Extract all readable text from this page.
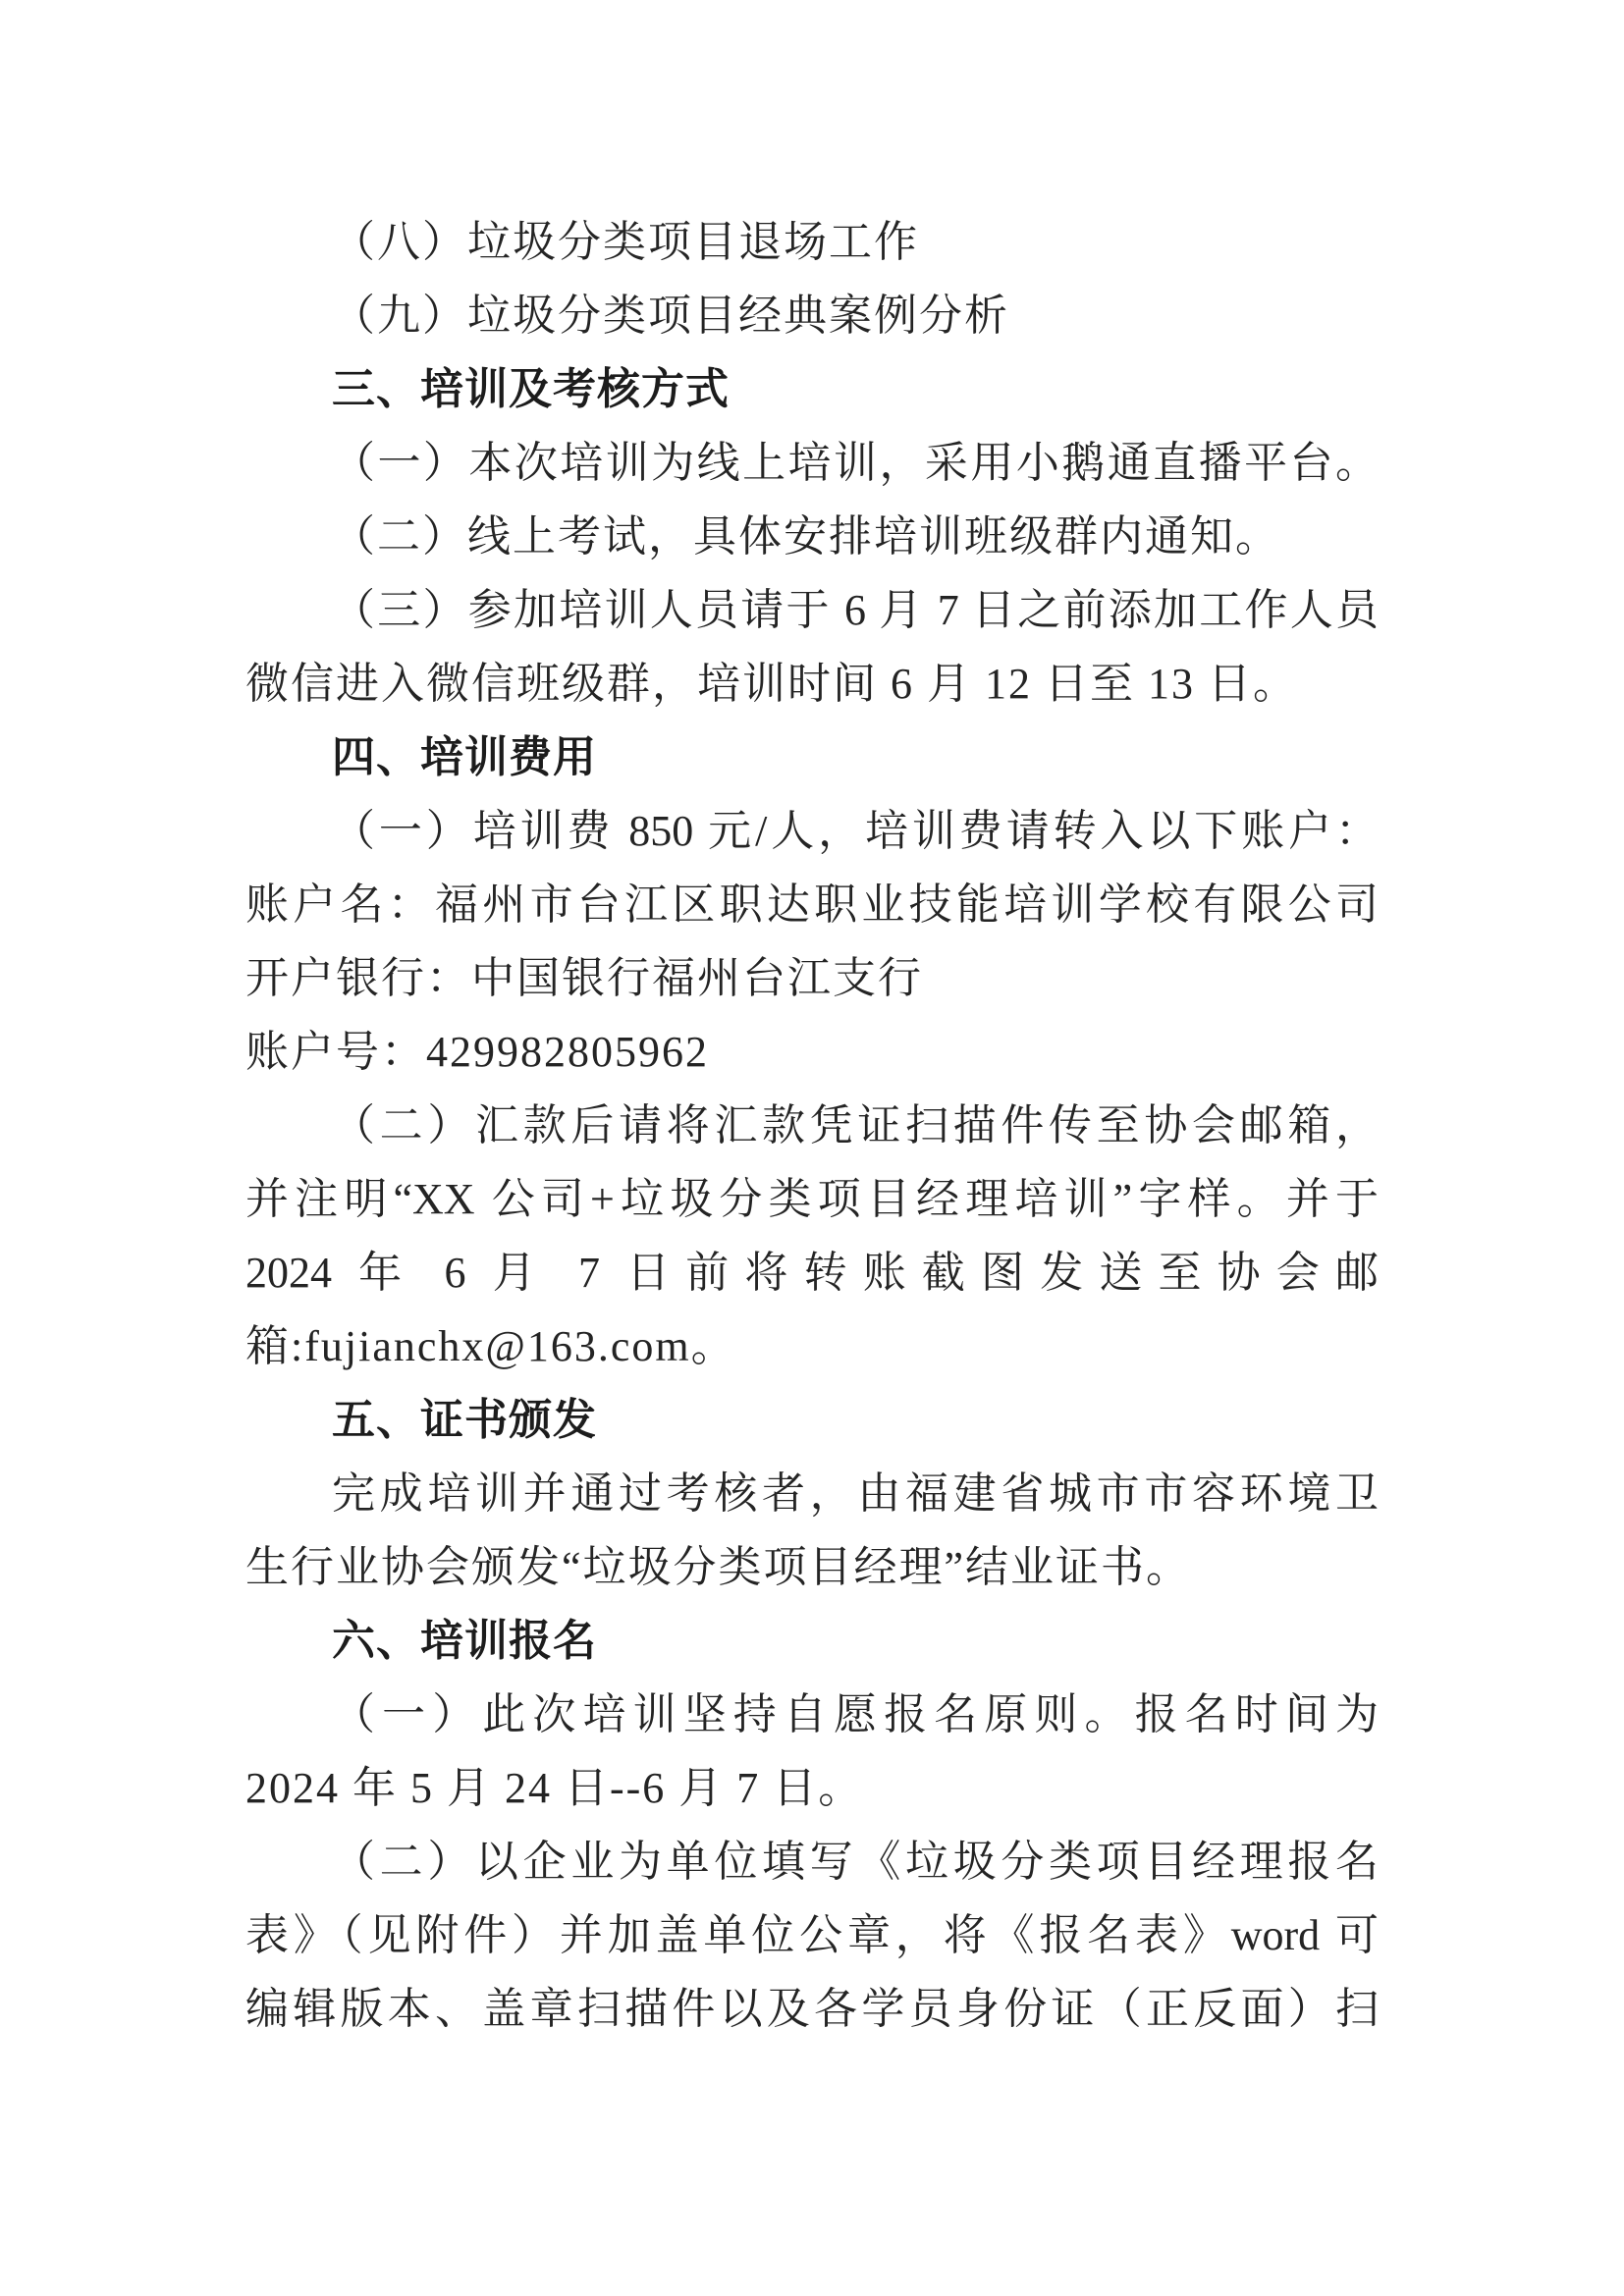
（八）垃圾分类项目退场工作

（九）垃圾分类项目经典案例分析

三、培训及考核方式

（一）本次培训为线上培训，采用小鹅通直播平台。

（二）线上考试，具体安排培训班级群内通知。

（三）参加培训人员请于 6 月 7 日之前添加工作人员

微信进入微信班级群，培训时间 6 月 12 日至 13 日。

四、培训费用

（一）培训费 850 元/人，培训费请转入以下账户：

账户名：福州市台江区职达职业技能培训学校有限公司

开户银行：中国银行福州台江支行

账户号：429982805962

（二）汇款后请将汇款凭证扫描件传至协会邮箱，

并注明“XX 公司+垃圾分类项目经理培训”字样。并于

2024 年 6 月 7 日前将转账截图发送至协会邮

箱:fujianchx@163.com。

五、证书颁发

完成培训并通过考核者，由福建省城市市容环境卫

生行业协会颁发“垃圾分类项目经理”结业证书。

六、培训报名

（一）此次培训坚持自愿报名原则。报名时间为

2024 年 5 月 24 日--6 月 7 日。

（二）以企业为单位填写《垃圾分类项目经理报名

表》（见附件）并加盖单位公章，将《报名表》word 可

编辑版本、盖章扫描件以及各学员身份证（正反面）扫
